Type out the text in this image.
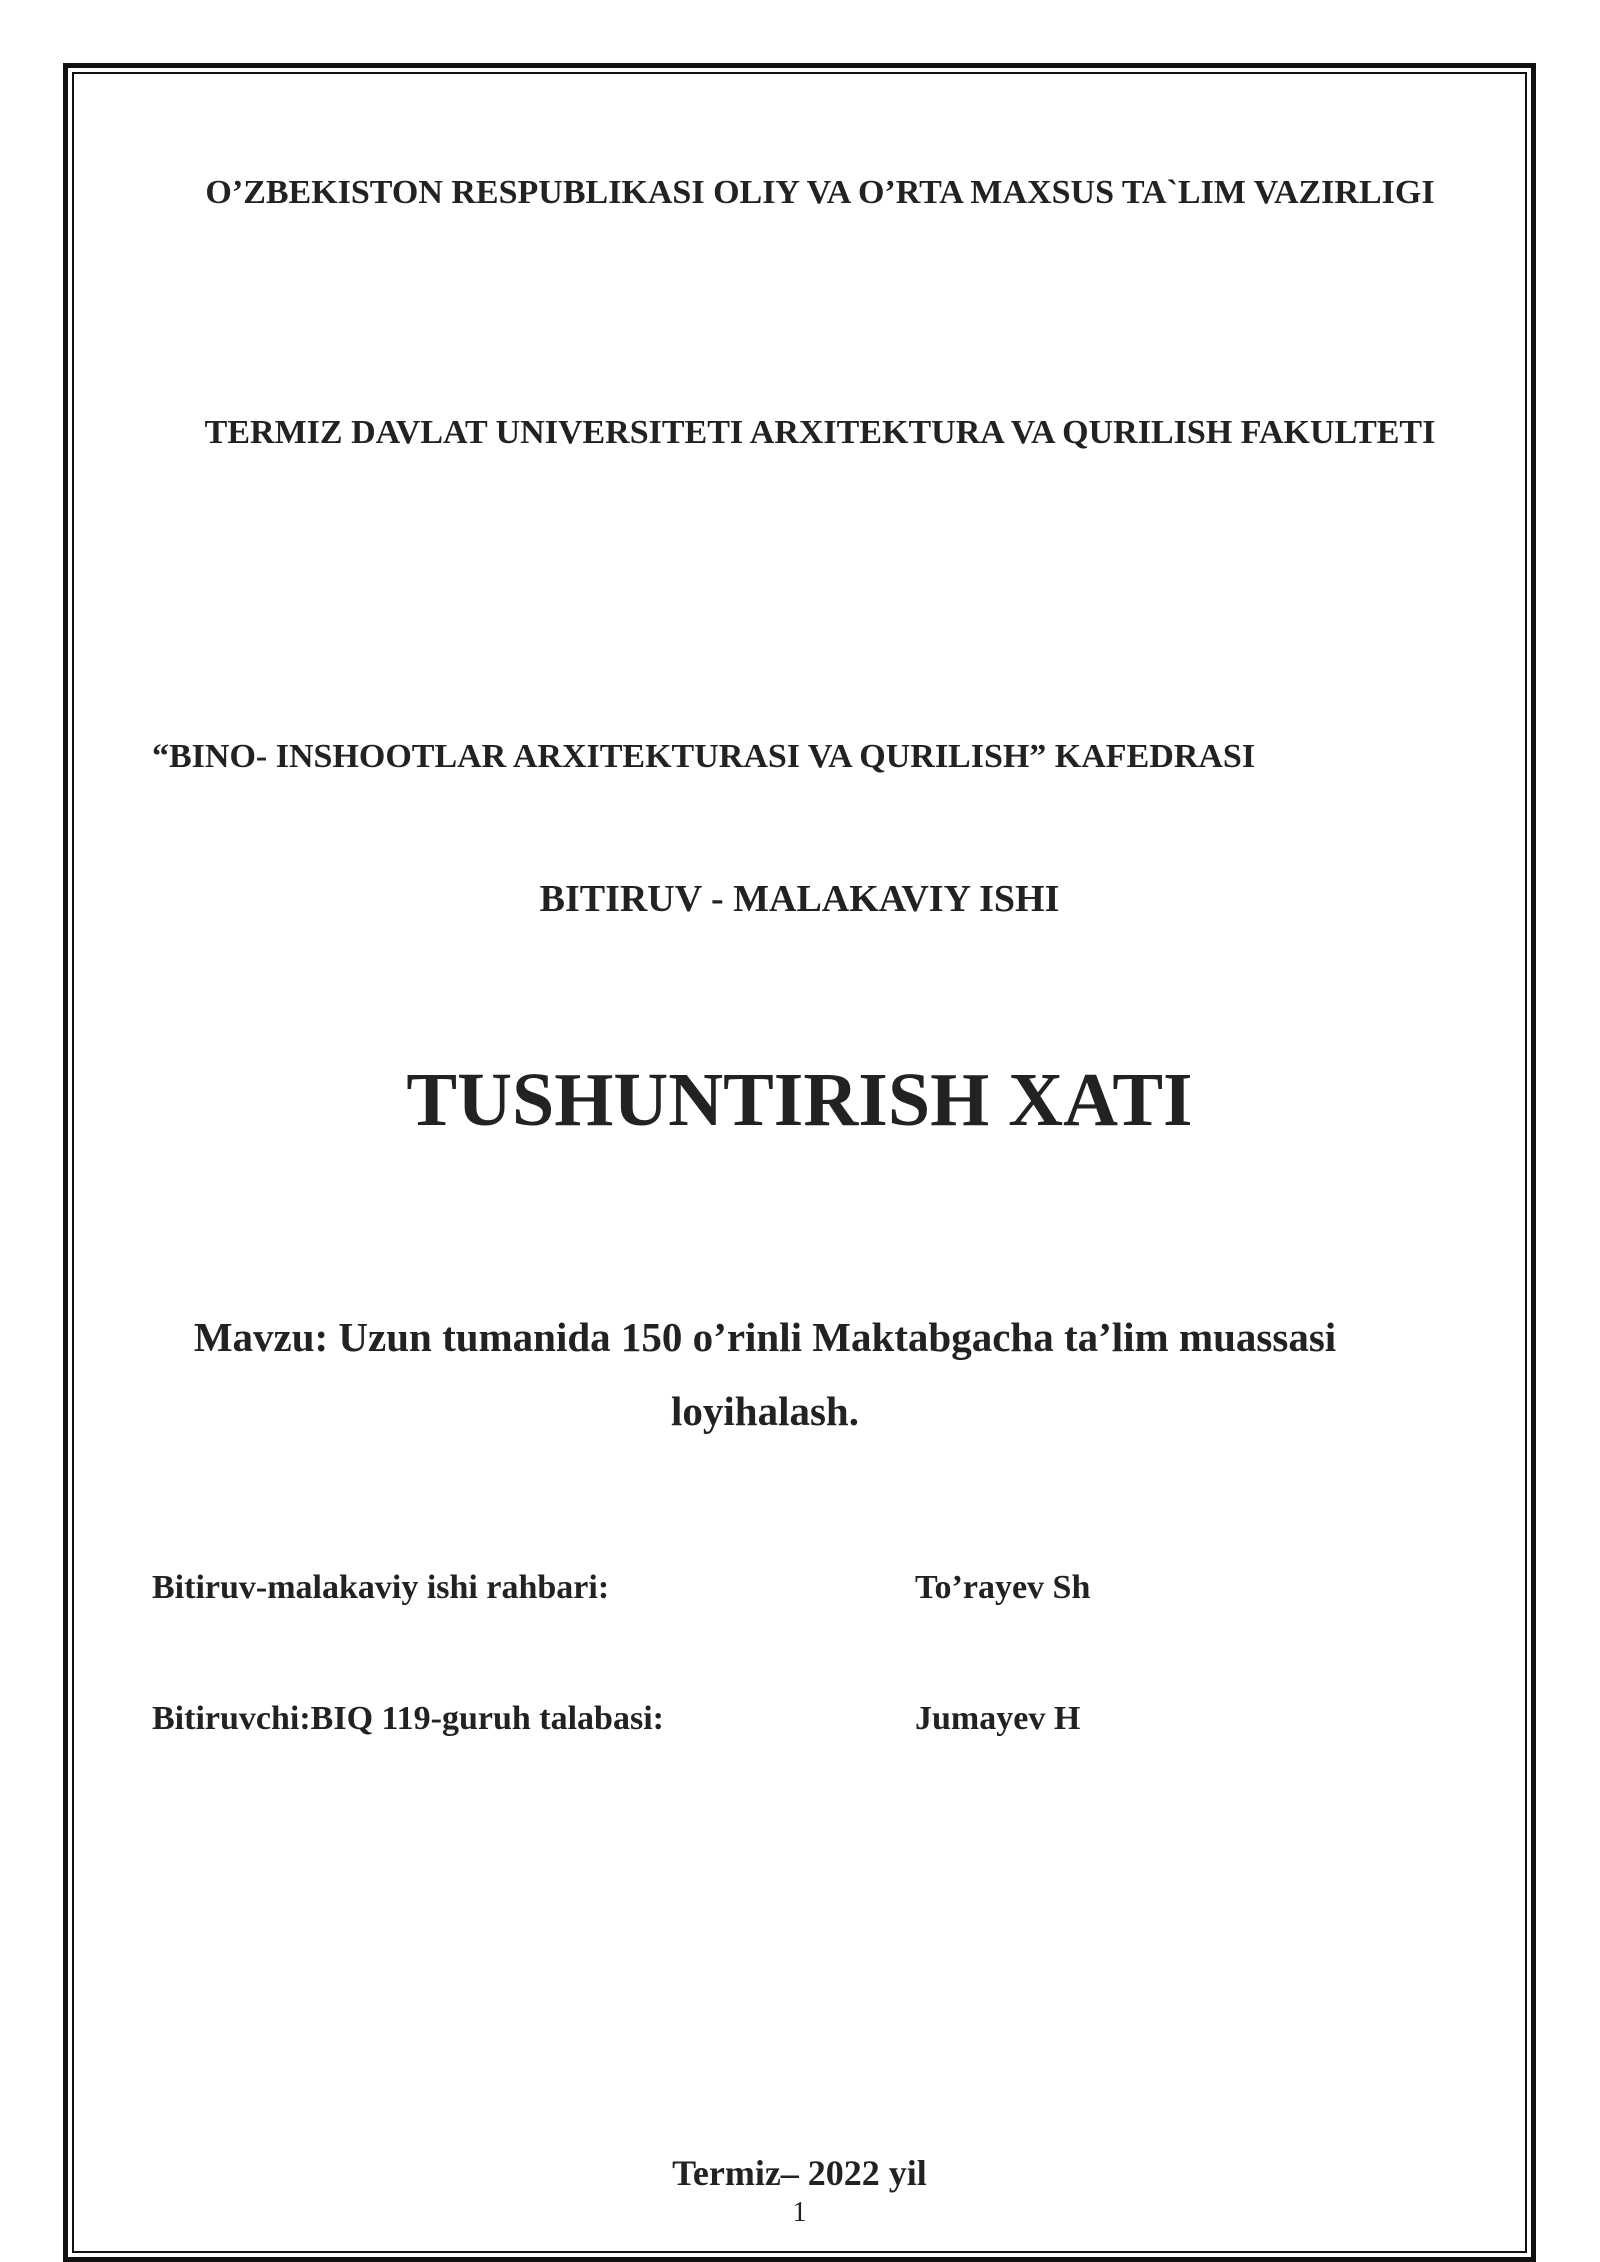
O’ZBEKISTON RESPUBLIKASI OLIY VA O’RTA MAXSUS TA`LIM VAZIRLIGI
TERMIZ DAVLAT UNIVERSITETI ARXITEKTURA VA QURILISH FAKULTETI
“BINO- INSHOOTLAR ARXITEKTURASI VA QURILISH” KAFEDRASI
BITIRUV - MALAKAVIY ISHI
TUSHUNTIRISH XATI
Mavzu: Uzun tumanida 150 o’rinli Maktabgacha ta’lim muassasi loyihalash.
Bitiruv-malakaviy ishi rahbari:	To’rayev Sh
Bitiruvchi:BIQ 119-guruh talabasi:	Jumayev H
Termiz– 2022 yil
1
